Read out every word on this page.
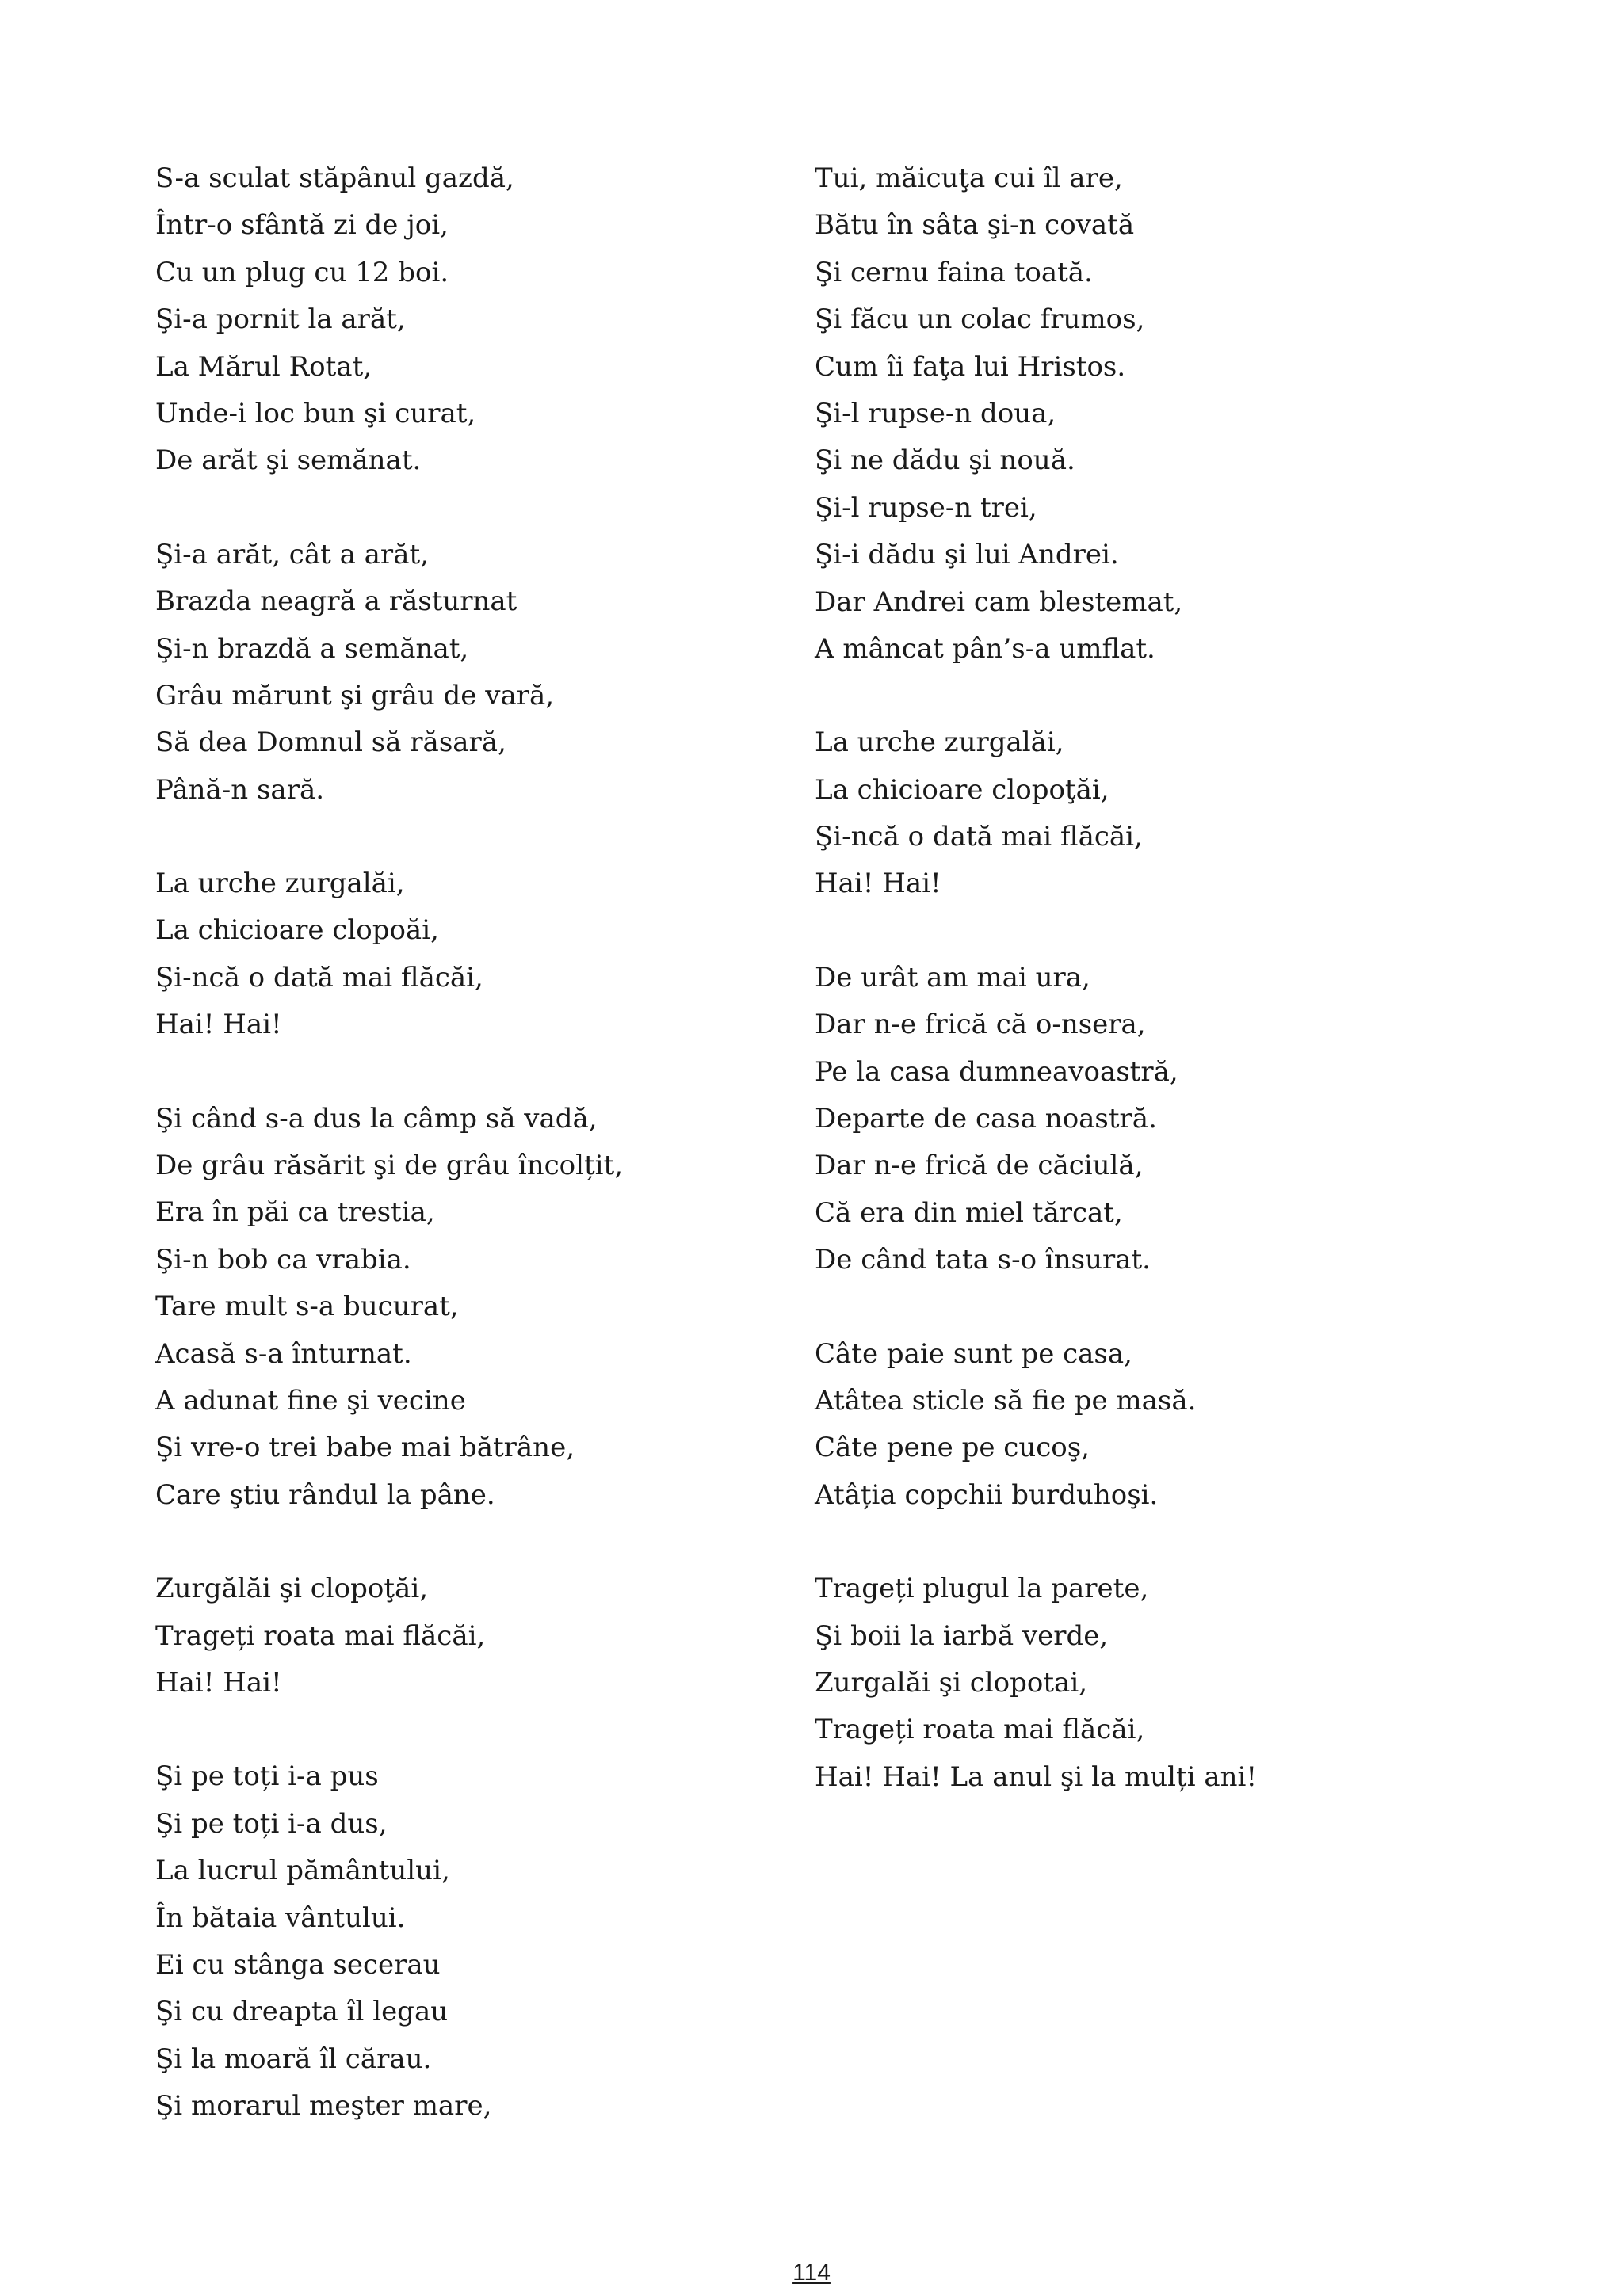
S-a sculat stăpânul gazdă,
Într-o sfântă zi de joi,
Cu un plug cu 12 boi.
Şi-a pornit la arăt,
La Mărul Rotat,
Unde-i loc bun şi curat,
De arăt şi semănat.
Şi-a arăt, cât a arăt,
Brazda neagră a răsturnat
Şi-n brazdă a semănat,
Grâu mărunt şi grâu de vară,
Să dea Domnul să răsară,
Până-n sară.
La urche zurgalăi,
La chicioare clopoăi,
Şi-ncă o dată mai flăcăi,
Hai! Hai!
Şi când s-a dus la câmp să vadă,
De grâu răsărit şi de grâu încolțit,
Era în păi ca trestia,
Şi-n bob ca vrabia.
Tare mult s-a bucurat,
Acasă s-a înturnat.
A adunat fine şi vecine
Şi vre-o trei babe mai bătrâne,
Care ştiu rândul la pâne.
Zurgălăi şi clopoţăi,
Trageți roata mai flăcăi,
Hai! Hai!
Şi pe toți i-a pus
Şi pe toți i-a dus,
La lucrul pământului,
În bătaia vântului.
Ei cu stânga secerau
Şi cu dreapta îl legau
Şi la moară îl cărau.
Şi morarul meşter mare,
Tui, măicuţa cui îl are,
Bătu în sâta şi-n covată
Şi cernu faina toată.
Şi făcu un colac frumos,
Cum îi faţa lui Hristos.
Şi-l rupse-n doua,
Şi ne dădu şi nouă.
Şi-l rupse-n trei,
Şi-i dădu şi lui Andrei.
Dar Andrei cam blestemat,
A mâncat pân’s-a umflat.
La urche zurgalăi,
La chicioare clopoţăi,
Şi-ncă o dată mai flăcăi,
Hai! Hai!
De urât am mai ura,
Dar n-e frică că o-nsera,
Pe la casa dumneavoastră,
Departe de casa noastră.
Dar n-e frică de căciulă,
Că era din miel tărcat,
De când tata s-o însurat.
Câte paie sunt pe casa,
Atâtea sticle să fie pe masă.
Câte pene pe cucoş,
Atâția copchii burduhoşi.
Trageți plugul la parete,
Şi boii la iarbă verde,
Zurgalăi şi clopotai,
Trageți roata mai flăcăi,
Hai! Hai! La anul şi la mulți ani!
114
